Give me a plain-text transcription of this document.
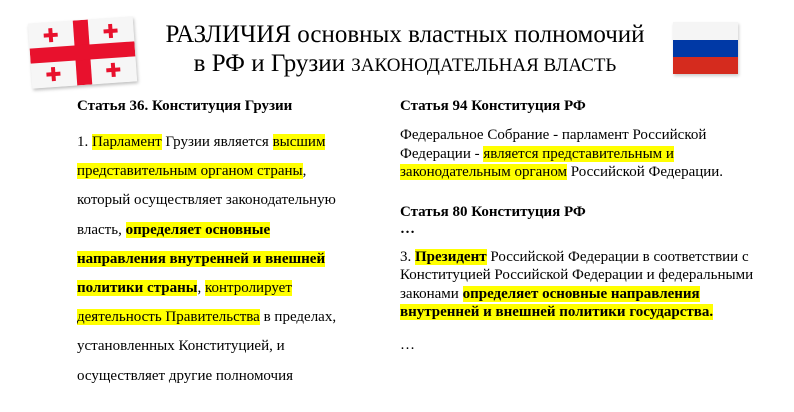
РАЗЛИЧИЯ основных властных полномочий
в РФ и Грузии ЗАКОНОДАТЕЛЬНАЯ ВЛАСТЬ

Статья 36. Конституция Грузии

1. Парламент Грузии является высшим представительным органом страны, который осуществляет законодательную власть, определяет основные направления внутренней и внешней политики страны, контролирует деятельность Правительства в пределах, установленных Конституцией, и осуществляет другие полномочия

Статья 94 Конституция РФ

Федеральное Собрание - парламент Российской Федерации - является представительным и законодательным органом Российской Федерации.

Статья 80 Конституция РФ

…

3. Президент Российской Федерации в соответствии с Конституцией Российской Федерации и федеральными законами определяет основные направления внутренней и внешней политики государства.
…
